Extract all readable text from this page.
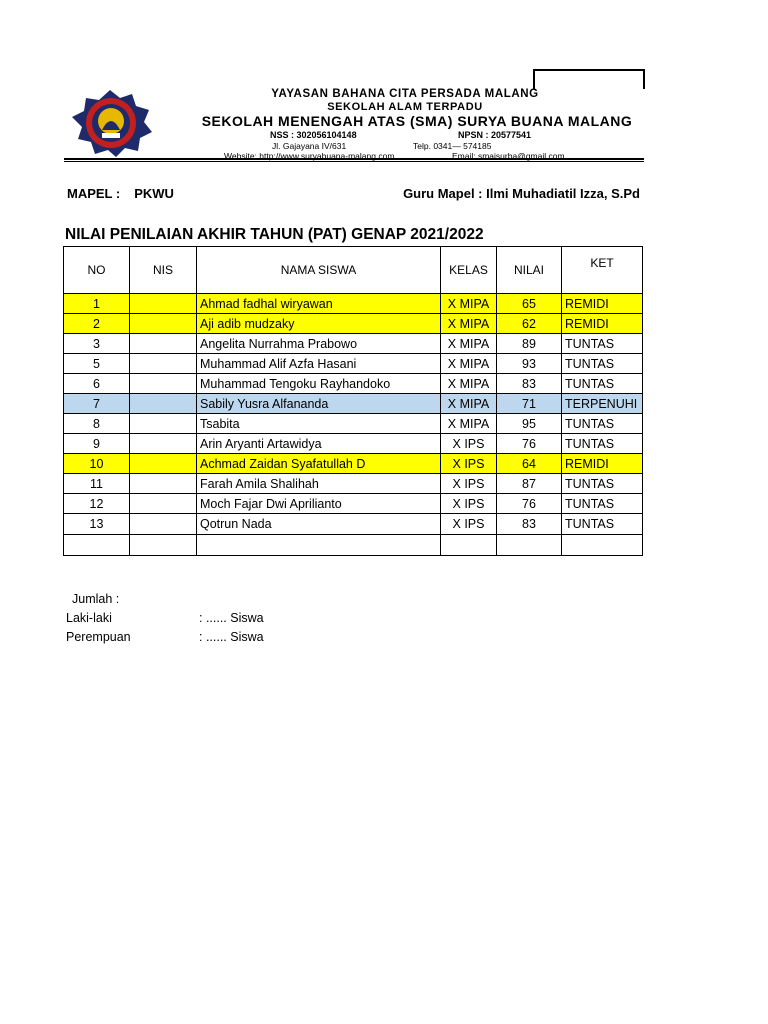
YAYASAN BAHANA CITA PERSADA MALANG
SEKOLAH ALAM TERPADU
SEKOLAH MENENGAH ATAS (SMA) SURYA BUANA MALANG
NSS : 302056104148	NPSN : 20577541
Jl. Gajayana IV/631	Telp. 0341— 574185
Website: http://www.suryabuana-malang.com	Email: smaisurba@gmail.com
MAPEL : PKWU	Guru Mapel : Ilmi Muhadiatil Izza, S.Pd
NILAI PENILAIAN AKHIR TAHUN (PAT) GENAP 2021/2022
NO	NIS	NAMA SISWA	KELAS	NILAI	KET
1		Ahmad fadhal wiryawan	X MIPA	65	REMIDI
2		Aji adib mudzaky	X MIPA	62	REMIDI
3		Angelita Nurrahma Prabowo	X MIPA	89	TUNTAS
5		Muhammad Alif Azfa Hasani	X MIPA	93	TUNTAS
6		Muhammad Tengoku Rayhandoko	X MIPA	83	TUNTAS
7		Sabily Yusra Alfananda	X MIPA	71	TERPENUHI
8		Tsabita	X MIPA	95	TUNTAS
9		Arin Aryanti Artawidya	X IPS	76	TUNTAS
10		Achmad Zaidan Syafatullah D	X IPS	64	REMIDI
11		Farah Amila Shalihah	X IPS	87	TUNTAS
12		Moch Fajar Dwi Aprilianto	X IPS	76	TUNTAS
13		Qotrun Nada	X IPS	83	TUNTAS

Jumlah :
Laki-laki	: ...... Siswa
Perempuan	: ...... Siswa
